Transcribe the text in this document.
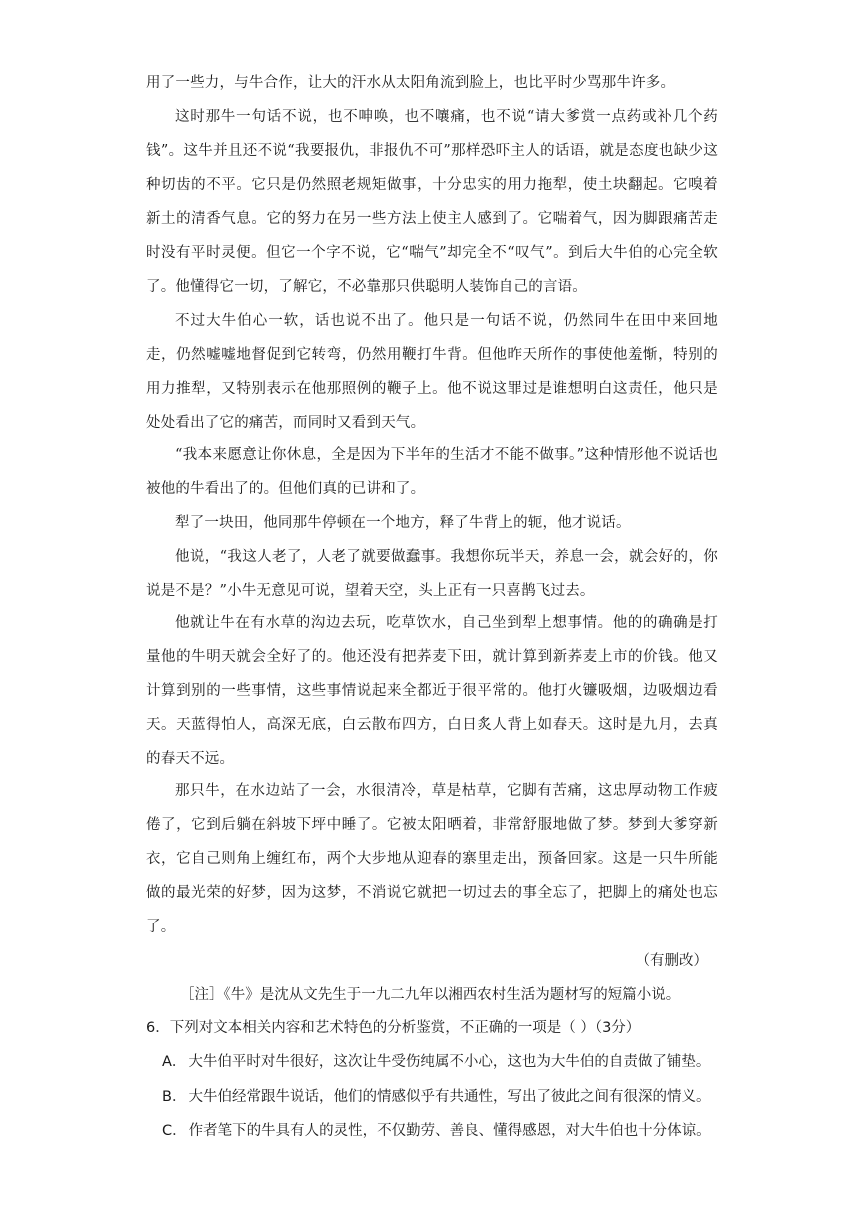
用了一些力，与牛合作，让大的汗水从太阳角流到脸上，也比平时少骂那牛许多。

这时那牛一句话不说，也不呻唤，也不嚷痛，也不说“请大爹赏一点药或补几个药钱”。这牛并且还不说“我要报仇，非报仇不可”那样恐吓主人的话语，就是态度也缺少这种切齿的不平。它只是仍然照老规矩做事，十分忠实的用力拖犁，使土块翻起。它嗅着新土的清香气息。它的努力在另一些方法上使主人感到了。它喘着气，因为脚跟痛苦走时没有平时灵便。但它一个字不说，它“喘气”却完全不“叹气”。到后大牛伯的心完全软了。他懂得它一切，了解它，不必靠那只供聪明人装饰自己的言语。

不过大牛伯心一软，话也说不出了。他只是一句话不说，仍然同牛在田中来回地走，仍然嘘嘘地督促到它转弯，仍然用鞭打牛背。但他昨天所作的事使他羞惭，特别的用力推犁，又特别表示在他那照例的鞭子上。他不说这罪过是谁想明白这责任，他只是处处看出了它的痛苦，而同时又看到天气。

“我本来愿意让你休息，全是因为下半年的生活才不能不做事。”这种情形他不说话也被他的牛看出了的。但他们真的已讲和了。

犁了一块田，他同那牛停顿在一个地方，释了牛背上的轭，他才说话。

他说，“我这人老了，人老了就要做蠢事。我想你玩半天，养息一会，就会好的，你说是不是？”小牛无意见可说，望着天空，头上正有一只喜鹊飞过去。

他就让牛在有水草的沟边去玩，吃草饮水，自己坐到犁上想事情。他的的确确是打量他的牛明天就会全好了的。他还没有把荞麦下田，就计算到新荞麦上市的价钱。他又计算到别的一些事情，这些事情说起来全都近于很平常的。他打火镰吸烟，边吸烟边看天。天蓝得怕人，高深无底，白云散布四方，白日炙人背上如春天。这时是九月，去真的春天不远。

那只牛，在水边站了一会，水很清冷，草是枯草，它脚有苦痛，这忠厚动物工作疲倦了，它到后躺在斜坡下坪中睡了。它被太阳晒着，非常舒服地做了梦。梦到大爹穿新衣，它自己则角上缠红布，两个大步地从迎春的寨里走出，预备回家。这是一只牛所能做的最光荣的好梦，因为这梦，不消说它就把一切过去的事全忘了，把脚上的痛处也忘了。

（有删改）

［注］《牛》是沈从文先生于一九二九年以湘西农村生活为题材写的短篇小说。

6．下列对文本相关内容和艺术特色的分析鉴赏，不正确的一项是（ ）（3分）

A． 大牛伯平时对牛很好，这次让牛受伤纯属不小心，这也为大牛伯的自责做了铺垫。

B． 大牛伯经常跟牛说话，他们的情感似乎有共通性，写出了彼此之间有很深的情义。

C． 作者笔下的牛具有人的灵性，不仅勤劳、善良、懂得感恩，对大牛伯也十分体谅。
